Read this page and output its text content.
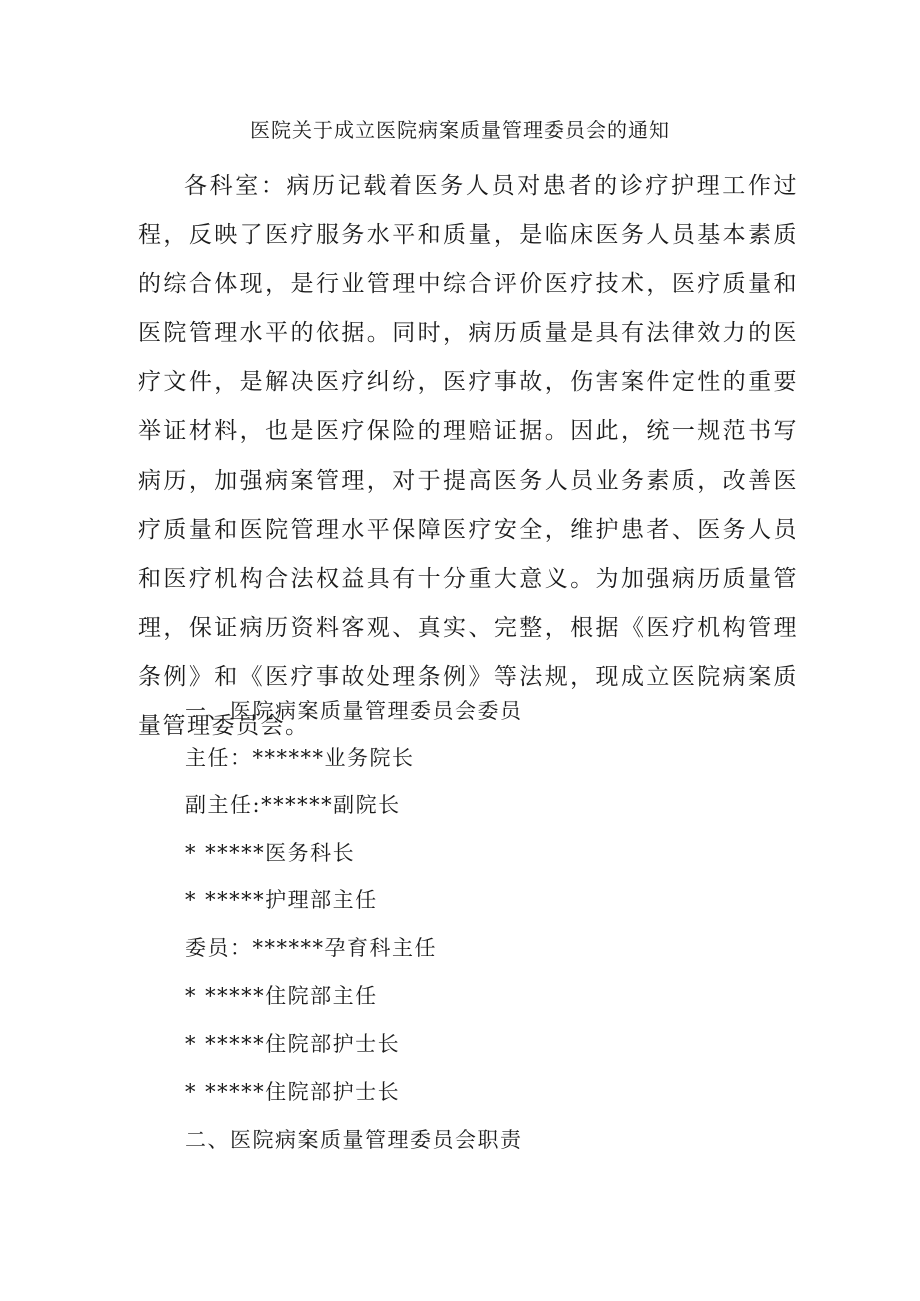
医院关于成立医院病案质量管理委员会的通知

各科室：病历记载着医务人员对患者的诊疗护理工作过程，反映了医疗服务水平和质量，是临床医务人员基本素质的综合体现，是行业管理中综合评价医疗技术，医疗质量和医院管理水平的依据。同时，病历质量是具有法律效力的医疗文件，是解决医疗纠纷，医疗事故，伤害案件定性的重要举证材料，也是医疗保险的理赔证据。因此，统一规范书写病历，加强病案管理，对于提高医务人员业务素质，改善医疗质量和医院管理水平保障医疗安全，维护患者、医务人员和医疗机构合法权益具有十分重大意义。为加强病历质量管理，保证病历资料客观、真实、完整，根据《医疗机构管理条例》和《医疗事故处理条例》等法规，现成立医院病案质量管理委员会。

一、医院病案质量管理委员会委员
主任：******业务院长
副主任:******副院长
* *****医务科长
* *****护理部主任
委员：******孕育科主任
* *****住院部主任
* *****住院部护士长
* *****住院部护士长
二、医院病案质量管理委员会职责
